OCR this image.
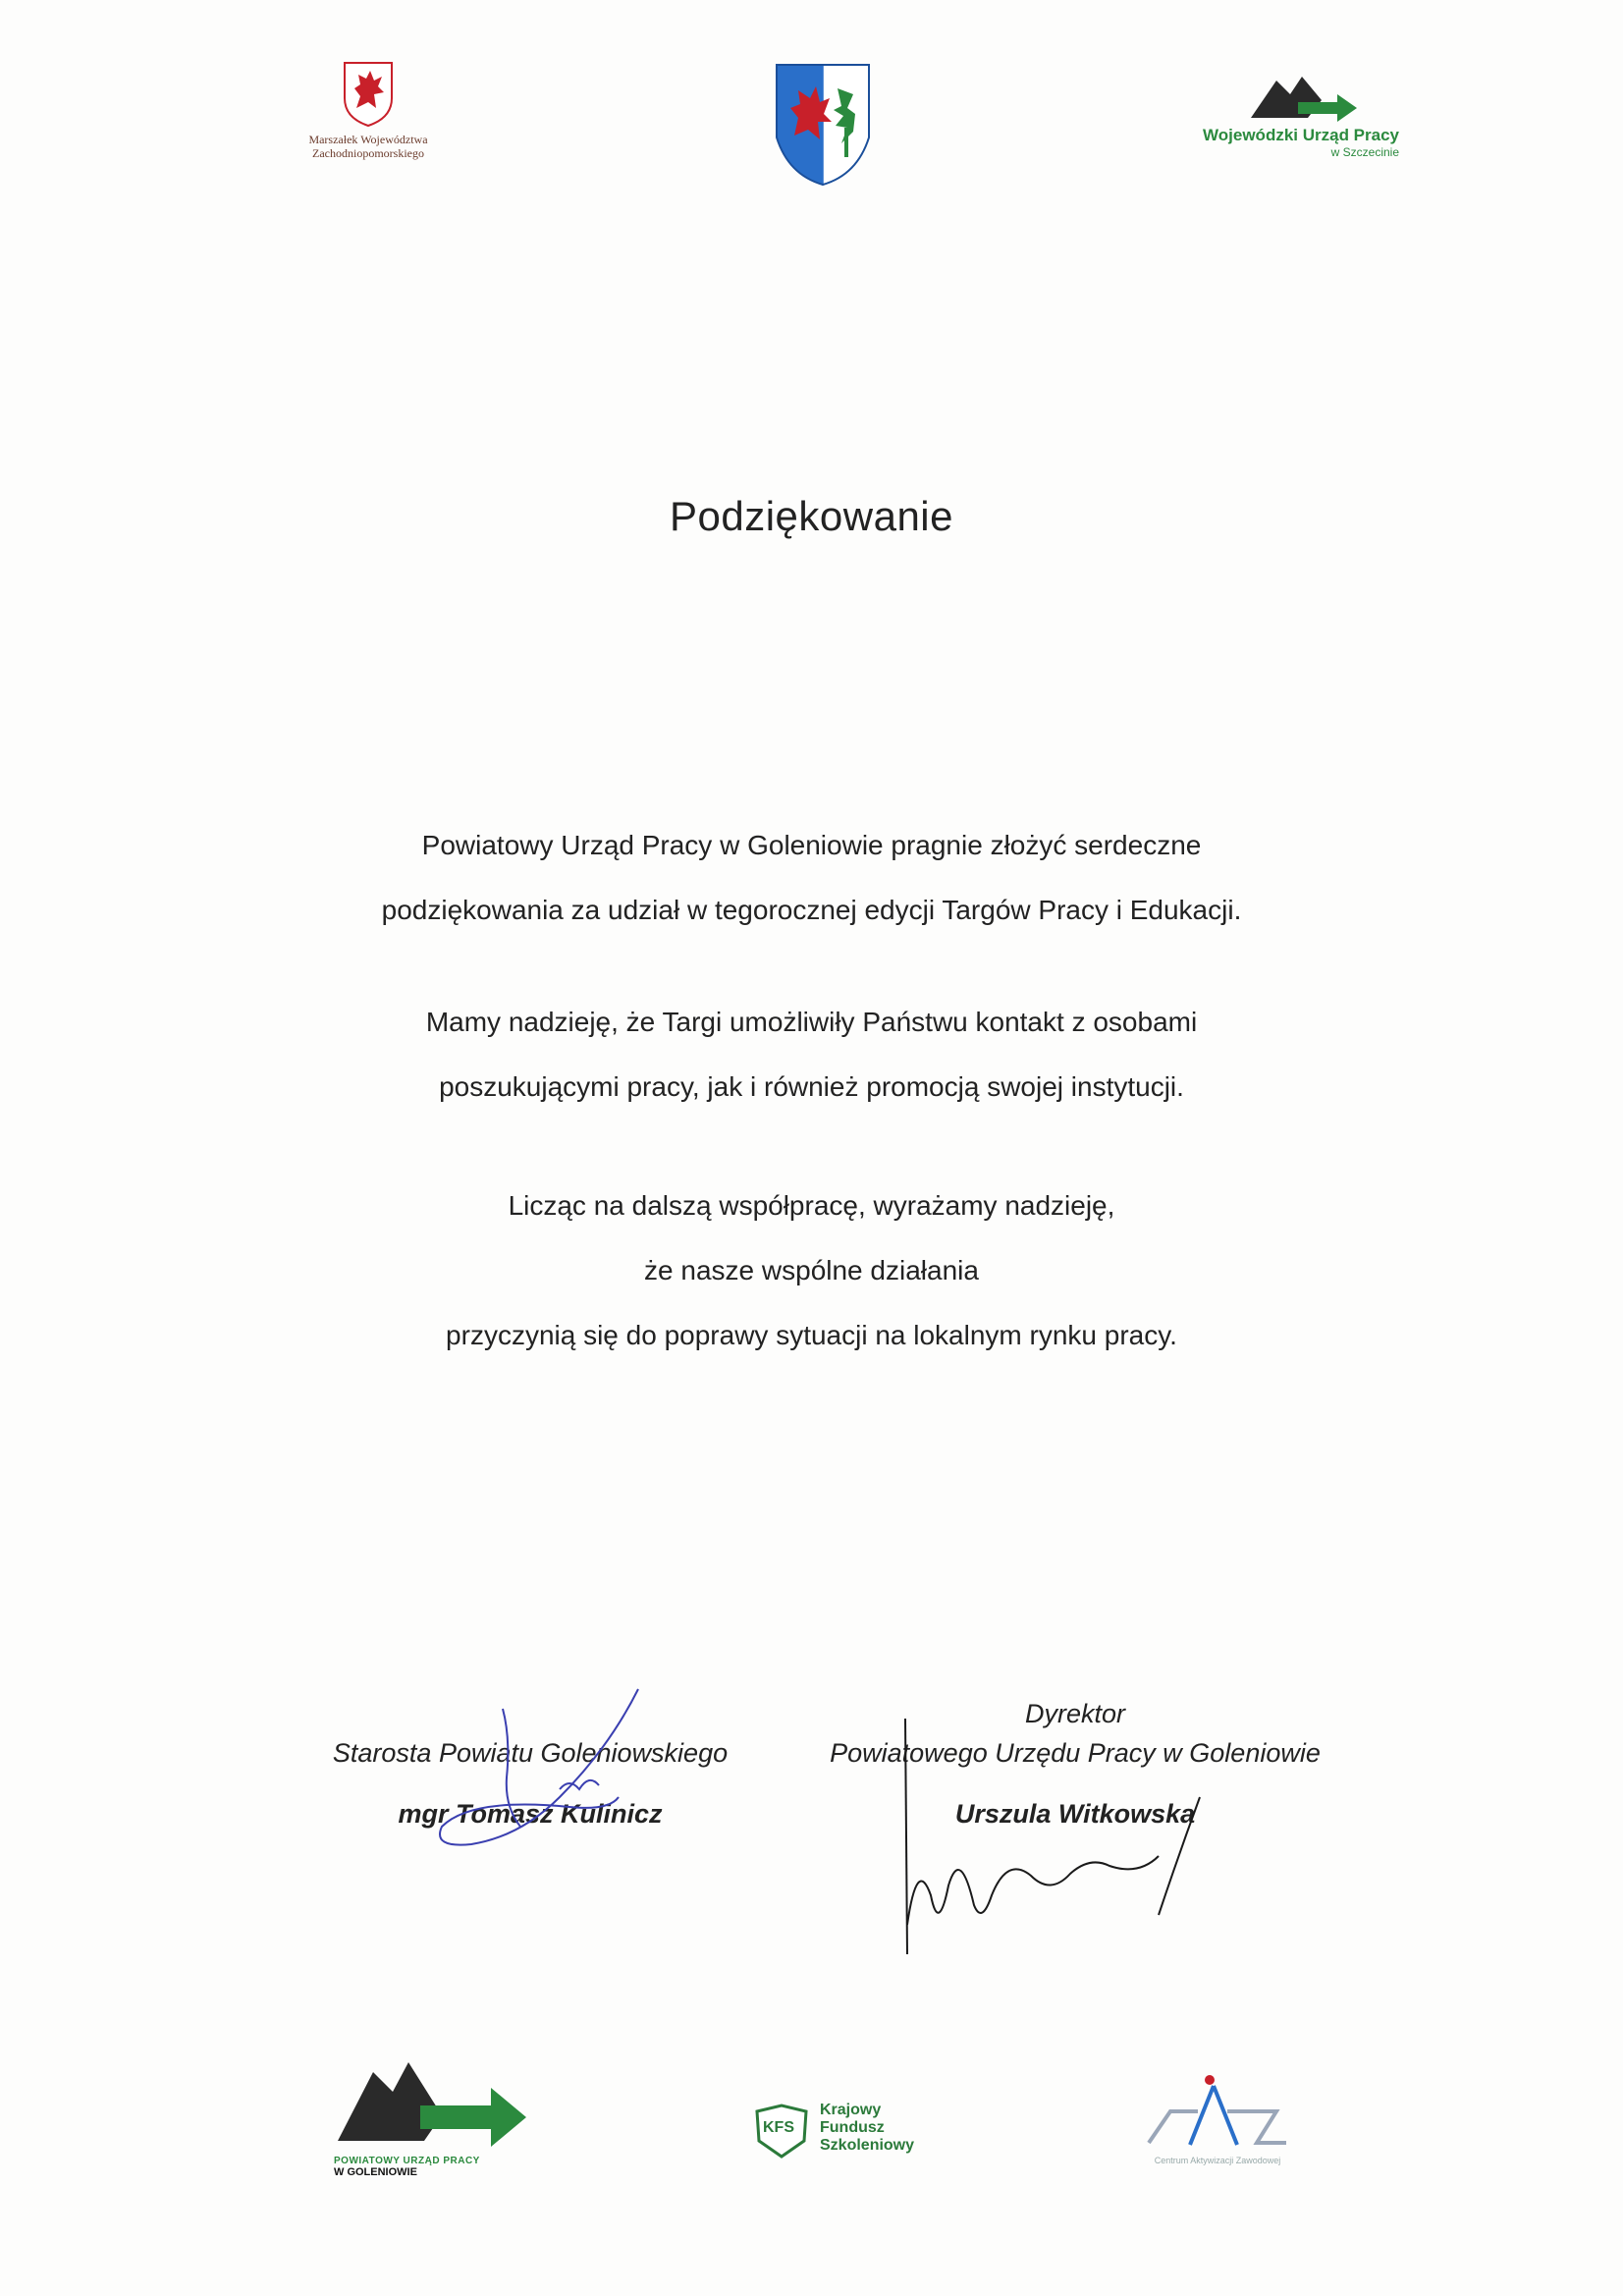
Marszałek Województwa
Zachodniopomorskiego
Wojewódzki Urząd Pracy
w Szczecinie
Podziękowanie
Powiatowy Urząd Pracy w Goleniowie pragnie złożyć serdeczne
podziękowania za udział w tegorocznej edycji Targów Pracy i Edukacji.
Mamy nadzieję, że Targi umożliwiły Państwu kontakt z osobami
poszukującymi pracy, jak i również promocją swojej instytucji.
Licząc na dalszą współpracę, wyrażamy nadzieję,
że nasze wspólne działania
przyczynią się do poprawy sytuacji na lokalnym rynku pracy.
Starosta Powiatu Goleniowskiego
mgr Tomasz Kulinicz
Dyrektor
Powiatowego Urzędu Pracy w Goleniowie
Urszula Witkowska
POWIATOWY URZĄD PRACY
W GOLENIOWIE
KFS
Krajowy
Fundusz
Szkoleniowy
Centrum Aktywizacji Zawodowej
